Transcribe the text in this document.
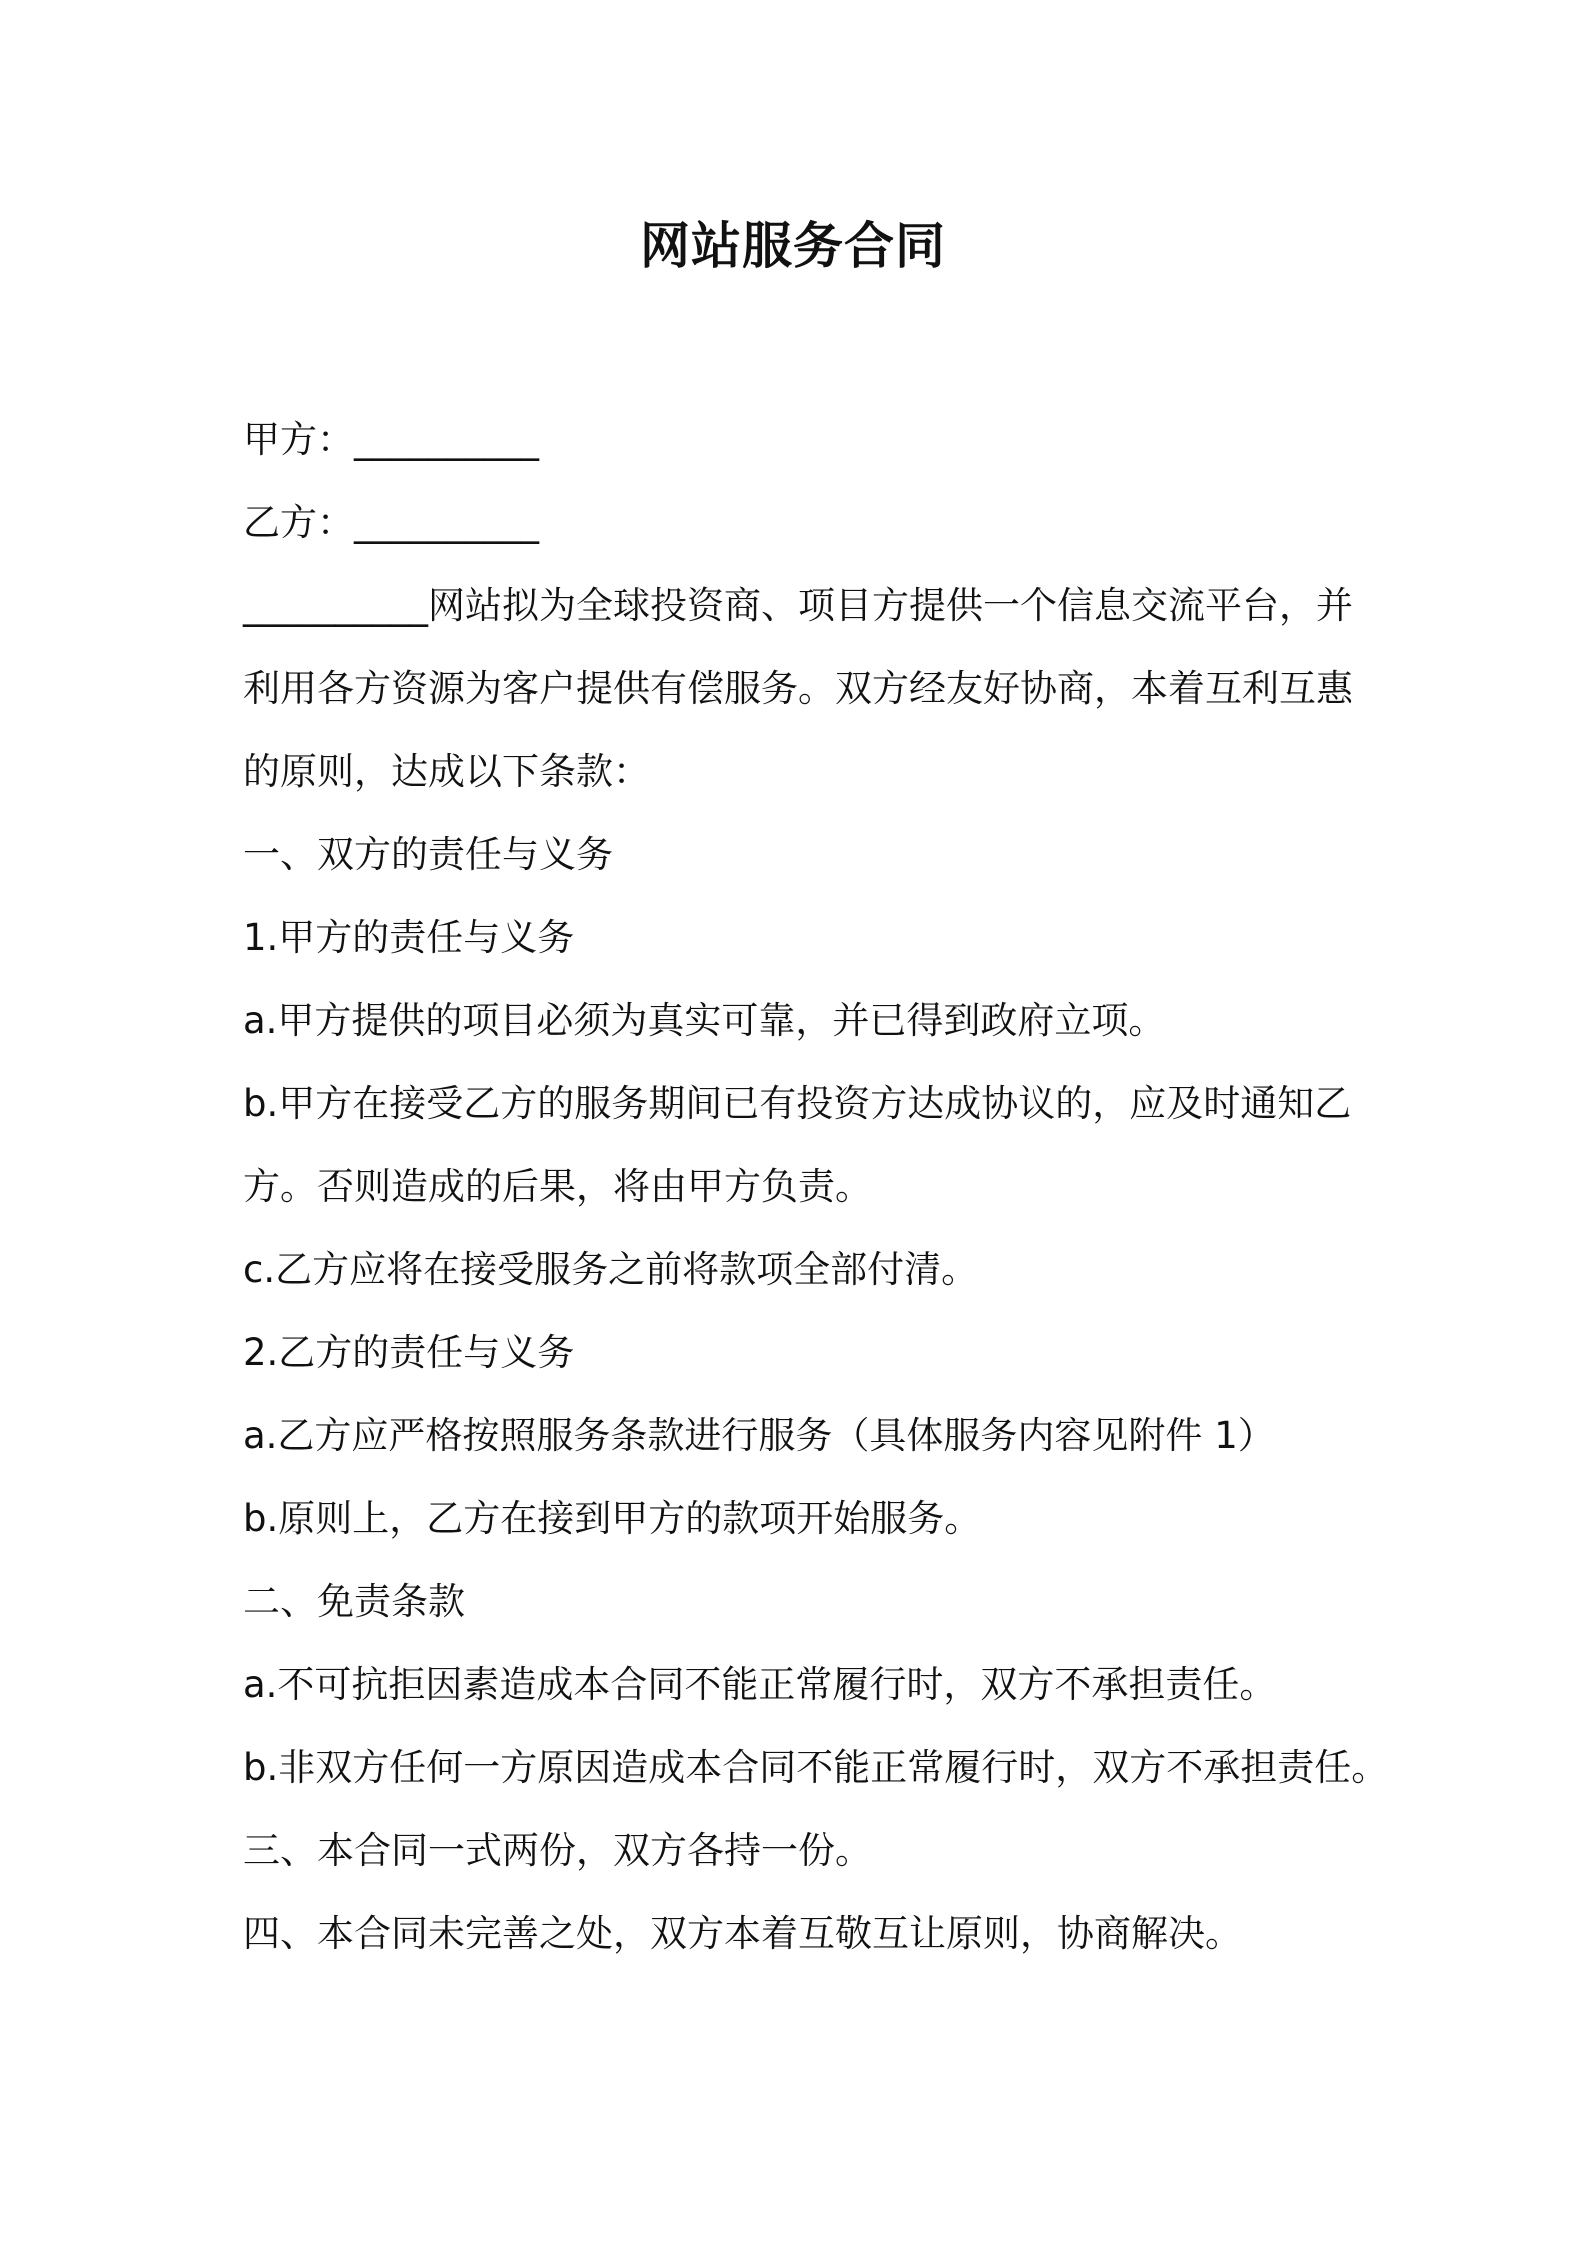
网站服务合同
甲方：__________
乙方：__________
__________网站拟为全球投资商、项目方提供一个信息交流平台，并
利用各方资源为客户提供有偿服务。双方经友好协商，本着互利互惠
的原则，达成以下条款：
一、双方的责任与义务
1.甲方的责任与义务
a.甲方提供的项目必须为真实可靠，并已得到政府立项。
b.甲方在接受乙方的服务期间已有投资方达成协议的，应及时通知乙
方。否则造成的后果，将由甲方负责。
c.乙方应将在接受服务之前将款项全部付清。
2.乙方的责任与义务
a.乙方应严格按照服务条款进行服务（具体服务内容见附件 1）
b.原则上，乙方在接到甲方的款项开始服务。
二、免责条款
a.不可抗拒因素造成本合同不能正常履行时，双方不承担责任。
b.非双方任何一方原因造成本合同不能正常履行时，双方不承担责任。
三、本合同一式两份，双方各持一份。
四、本合同未完善之处，双方本着互敬互让原则，协商解决。
